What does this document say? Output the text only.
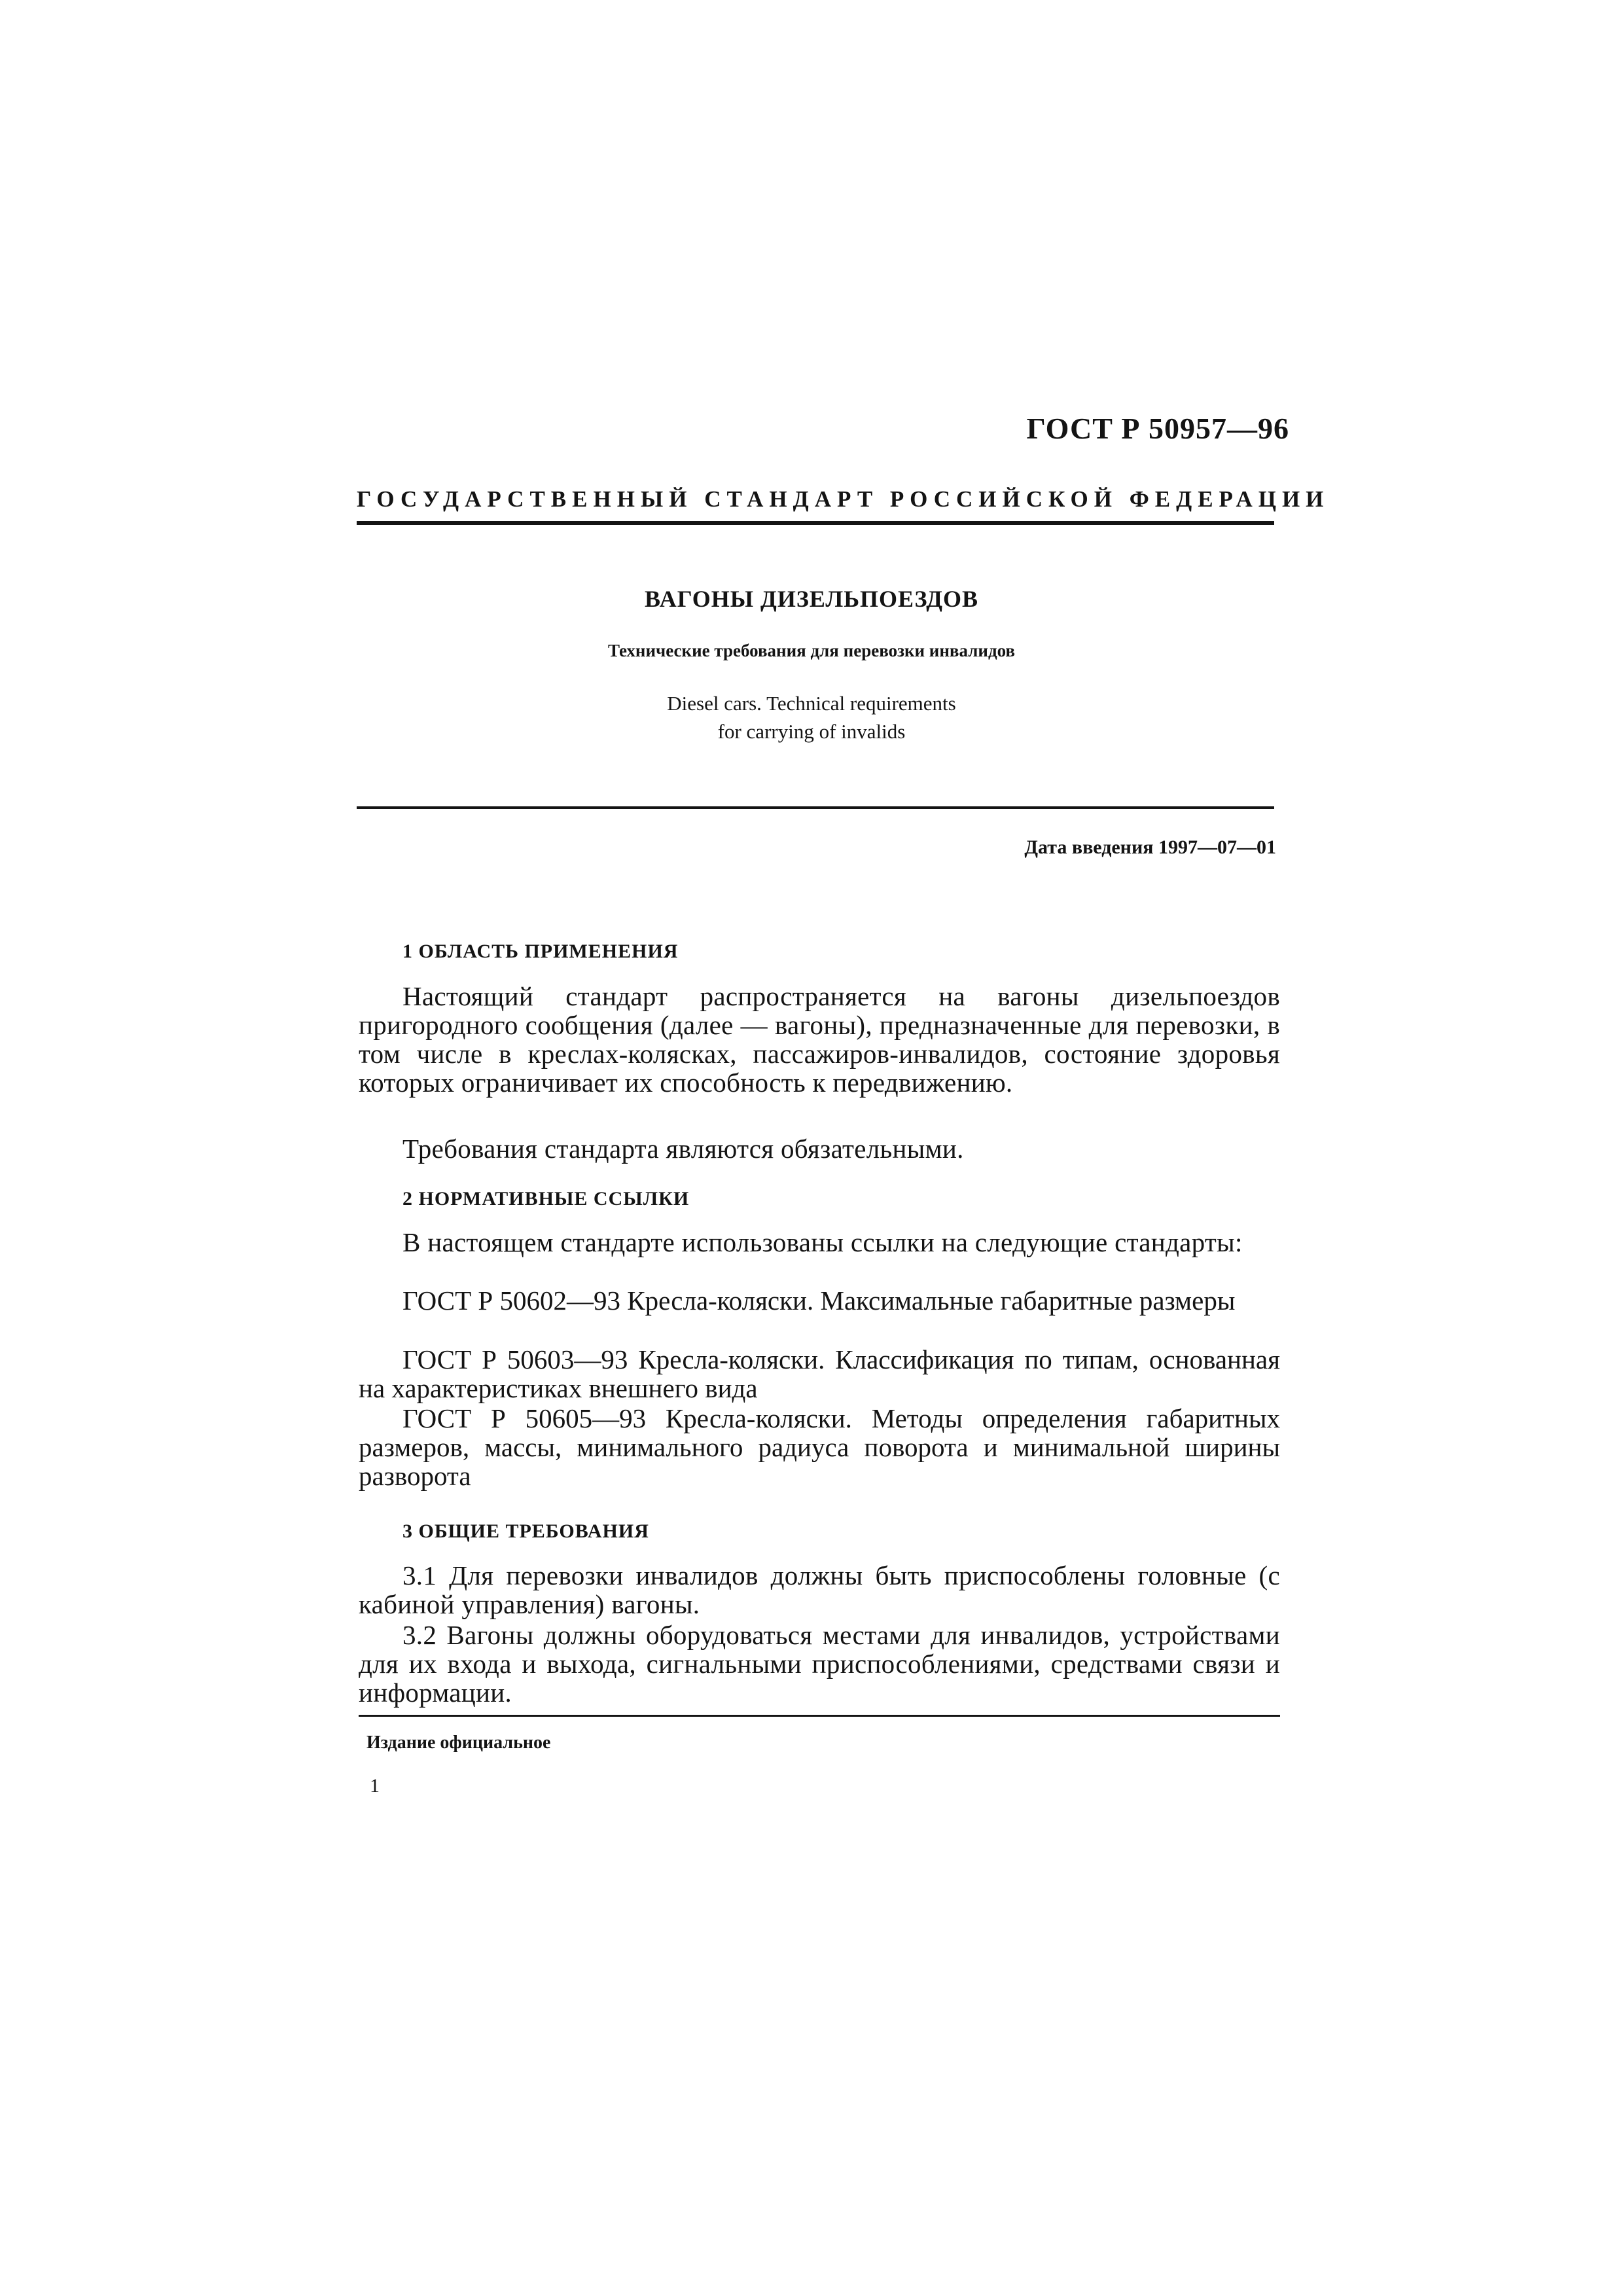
ГОСТ Р 50957—96
ГОСУДАРСТВЕННЫЙ СТАНДАРТ РОССИЙСКОЙ ФЕДЕРАЦИИ
ВАГОНЫ ДИЗЕЛЬПОЕЗДОВ
Технические требования для перевозки инвалидов
Diesel cars. Technical requirements
for carrying of invalids
Дата введения 1997—07—01
1 ОБЛАСТЬ ПРИМЕНЕНИЯ

Настоящий стандарт распространяется на вагоны дизельпоездов пригородного сообщения (далее — вагоны), предназначенные для перевозки, в том числе в креслах-колясках, пассажиров-инвалидов, состояние здоровья которых ограничивает их способность к передвижению.

Требования стандарта являются обязательными.

2 НОРМАТИВНЫЕ ССЫЛКИ

В настоящем стандарте использованы ссылки на следующие стандарты:

ГОСТ Р 50602—93 Кресла-коляски. Максимальные габаритные размеры

ГОСТ Р 50603—93 Кресла-коляски. Классификация по типам, основанная на характеристиках внешнего вида

ГОСТ Р 50605—93 Кресла-коляски. Методы определения габаритных размеров, массы, минимального радиуса поворота и минимальной ширины разворота

3 ОБЩИЕ ТРЕБОВАНИЯ

3.1 Для перевозки инвалидов должны быть приспособлены головные (с кабиной управления) вагоны.

3.2 Вагоны должны оборудоваться местами для инвалидов, устройствами для их входа и выхода, сигнальными приспособлениями, средствами связи и информации.

Издание официальное
1
